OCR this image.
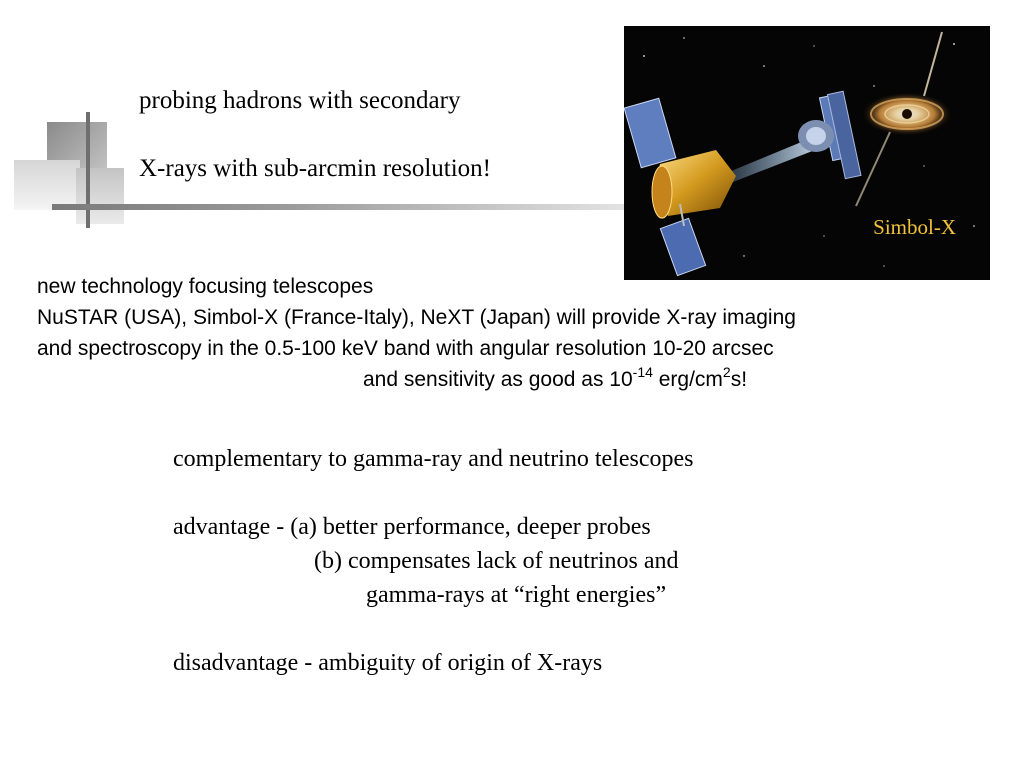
probing hadrons with secondary
X-rays with sub-arcmin resolution!
Simbol-X
new technology focusing telescopes
NuSTAR (USA), Simbol-X (France-Italy), NeXT (Japan) will provide X-ray imaging
and spectroscopy in the 0.5-100 keV band with angular resolution 10-20 arcsec
and sensitivity as good as $10^{-14}$ erg/$cm^2s$!
complementary to gamma-ray and neutrino telescopes
advantage - (a) better performance, deeper probes
(b) compensates lack of neutrinos and
gamma-rays at “right energies”
disadvantage - ambiguity of origin of X-rays
